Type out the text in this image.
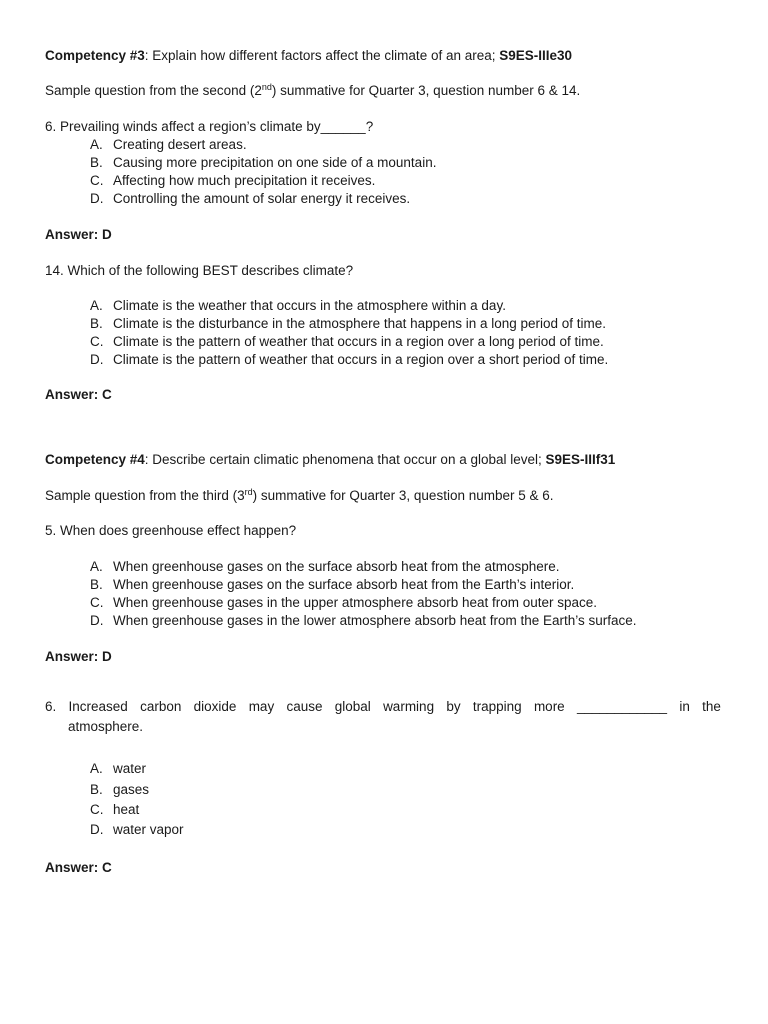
Competency #3: Explain how different factors affect the climate of an area; S9ES-IIIe30
Sample question from the second (2nd) summative for Quarter 3, question number 6 & 14.
6. Prevailing winds affect a region’s climate by______?
A. Creating desert areas.
B. Causing more precipitation on one side of a mountain.
C. Affecting how much precipitation it receives.
D. Controlling the amount of solar energy it receives.
Answer: D
14. Which of the following BEST describes climate?
A. Climate is the weather that occurs in the atmosphere within a day.
B. Climate is the disturbance in the atmosphere that happens in a long period of time.
C. Climate is the pattern of weather that occurs in a region over a long period of time.
D. Climate is the pattern of weather that occurs in a region over a short period of time.
Answer: C
Competency #4: Describe certain climatic phenomena that occur on a global level; S9ES-IIIf31
Sample question from the third (3rd) summative for Quarter 3, question number 5 & 6.
5. When does greenhouse effect happen?
A. When greenhouse gases on the surface absorb heat from the atmosphere.
B. When greenhouse gases on the surface absorb heat from the Earth’s interior.
C. When greenhouse gases in the upper atmosphere absorb heat from outer space.
D. When greenhouse gases in the lower atmosphere absorb heat from the Earth’s surface.
Answer: D
6. Increased carbon dioxide may cause global warming by trapping more ____________ in the
atmosphere.
A. water
B. gases
C. heat
D. water vapor
Answer: C
